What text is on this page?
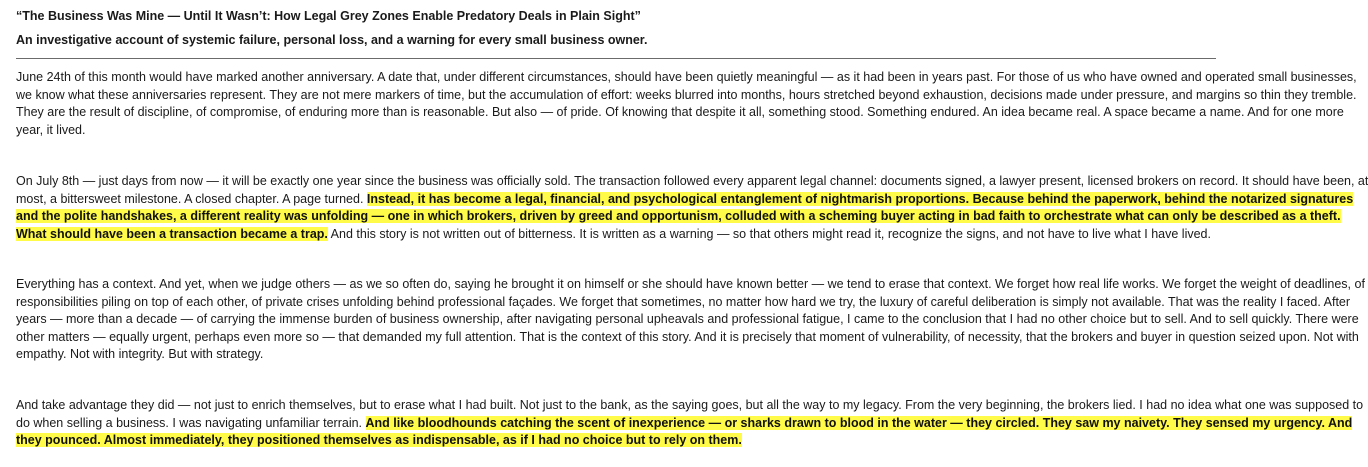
“The Business Was Mine — Until It Wasn’t: How Legal Grey Zones Enable Predatory Deals in Plain Sight”

An investigative account of systemic failure, personal loss, and a warning for every small business owner.

June 24th of this month would have marked another anniversary. A date that, under different circumstances, should have been quietly meaningful — as it had been in years past. For those of us who have owned and operated small businesses,
we know what these anniversaries represent. They are not mere markers of time, but the accumulation of effort: weeks blurred into months, hours stretched beyond exhaustion, decisions made under pressure, and margins so thin they tremble.
They are the result of discipline, of compromise, of enduring more than is reasonable. But also — of pride. Of knowing that despite it all, something stood. Something endured. An idea became real. A space became a name. And for one more
year, it lived.
On July 8th — just days from now — it will be exactly one year since the business was officially sold. The transaction followed every apparent legal channel: documents signed, a lawyer present, licensed brokers on record. It should have been, at
most, a bittersweet milestone. A closed chapter. A page turned. Instead, it has become a legal, financial, and psychological entanglement of nightmarish proportions. Because behind the paperwork, behind the notarized signatures
and the polite handshakes, a different reality was unfolding — one in which brokers, driven by greed and opportunism, colluded with a scheming buyer acting in bad faith to orchestrate what can only be described as a theft.
What should have been a transaction became a trap. And this story is not written out of bitterness. It is written as a warning — so that others might read it, recognize the signs, and not have to live what I have lived.
Everything has a context. And yet, when we judge others — as we so often do, saying he brought it on himself or she should have known better — we tend to erase that context. We forget how real life works. We forget the weight of deadlines, of
responsibilities piling on top of each other, of private crises unfolding behind professional façades. We forget that sometimes, no matter how hard we try, the luxury of careful deliberation is simply not available. That was the reality I faced. After
years — more than a decade — of carrying the immense burden of business ownership, after navigating personal upheavals and professional fatigue, I came to the conclusion that I had no other choice but to sell. And to sell quickly. There were
other matters — equally urgent, perhaps even more so — that demanded my full attention. That is the context of this story. And it is precisely that moment of vulnerability, of necessity, that the brokers and buyer in question seized upon. Not with
empathy. Not with integrity. But with strategy.
And take advantage they did — not just to enrich themselves, but to erase what I had built. Not just to the bank, as the saying goes, but all the way to my legacy. From the very beginning, the brokers lied. I had no idea what one was supposed to
do when selling a business. I was navigating unfamiliar terrain. And like bloodhounds catching the scent of inexperience — or sharks drawn to blood in the water — they circled. They saw my naivety. They sensed my urgency. And
they pounced. Almost immediately, they positioned themselves as indispensable, as if I had no choice but to rely on them.
